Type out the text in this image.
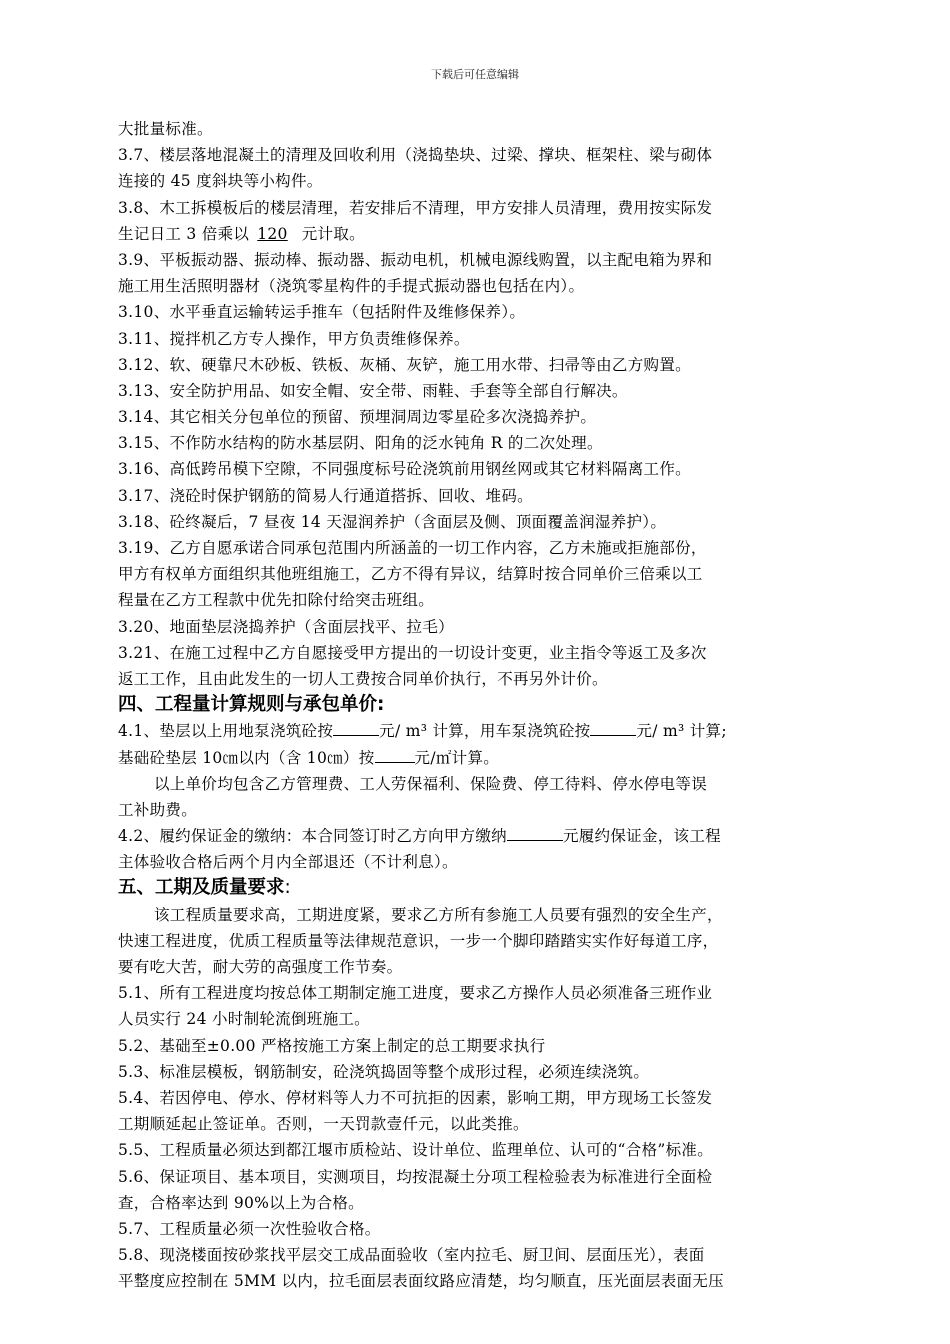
下载后可任意编辑
大批量标准。
3.7、楼层落地混凝土的清理及回收利用（浇捣垫块、过梁、撑块、框架柱、梁与砌体
连接的 45 度斜块等小构件。
3.8、木工拆模板后的楼层清理，若安排后不清理，甲方安排人员清理，费用按实际发
生记日工 3 倍乘以 120 元计取。
3.9、平板振动器、振动棒、振动器、振动电机，机械电源线购置，以主配电箱为界和
施工用生活照明器材（浇筑零星构件的手提式振动器也包括在内）。
3.10、水平垂直运输转运手推车（包括附件及维修保养）。
3.11、搅拌机乙方专人操作，甲方负责维修保养。
3.12、软、硬靠尺木砂板、铁板、灰桶、灰铲，施工用水带、扫帚等由乙方购置。
3.13、安全防护用品、如安全帽、安全带、雨鞋、手套等全部自行解决。
3.14、其它相关分包单位的预留、预埋洞周边零星砼多次浇捣养护。
3.15、不作防水结构的防水基层阴、阳角的泛水钝角 R 的二次处理。
3.16、高低跨吊模下空隙，不同强度标号砼浇筑前用钢丝网或其它材料隔离工作。
3.17、浇砼时保护钢筋的简易人行通道搭拆、回收、堆码。
3.18、砼终凝后，7 昼夜 14 天湿润养护（含面层及侧、顶面覆盖润湿养护）。
3.19、乙方自愿承诺合同承包范围内所涵盖的一切工作内容，乙方未施或拒施部份，
甲方有权单方面组织其他班组施工，乙方不得有异议，结算时按合同单价三倍乘以工
程量在乙方工程款中优先扣除付给突击班组。
3.20、地面垫层浇捣养护（含面层找平、拉毛）
3.21、在施工过程中乙方自愿接受甲方提出的一切设计变更，业主指令等返工及多次
返工工作，且由此发生的一切人工费按合同单价执行，不再另外计价。
四、工程量计算规则与承包单价:
4.1、垫层以上用地泵浇筑砼按	元/ m³ 计算，用车泵浇筑砼按	元/ m³ 计算;
基础砼垫层 10㎝以内（含 10㎝）按	元/㎡计算。
以上单价均包含乙方管理费、工人劳保福利、保险费、停工待料、停水停电等误
工补助费。
4.2、履约保证金的缴纳：本合同签订时乙方向甲方缴纳	元履约保证金，该工程
主体验收合格后两个月内全部退还（不计利息）。
五、工期及质量要求:
该工程质量要求高，工期进度紧，要求乙方所有参施工人员要有强烈的安全生产，
快速工程进度，优质工程质量等法律规范意识，一步一个脚印踏踏实实作好每道工序，
要有吃大苦，耐大劳的高强度工作节奏。
5.1、所有工程进度均按总体工期制定施工进度，要求乙方操作人员必须准备三班作业
人员实行 24 小时制轮流倒班施工。
5.2、基础至±0.00 严格按施工方案上制定的总工期要求执行
5.3、标准层模板，钢筋制安，砼浇筑捣固等整个成形过程，必须连续浇筑。
5.4、若因停电、停水、停材料等人力不可抗拒的因素，影响工期，甲方现场工长签发
工期顺延起止签证单。否则，一天罚款壹仟元，以此类推。
5.5、工程质量必须达到都江堰市质检站、设计单位、监理单位、认可的“合格”标准。
5.6、保证项目、基本项目，实测项目，均按混凝土分项工程检验表为标准进行全面检
查，合格率达到 90%以上为合格。
5.7、工程质量必须一次性验收合格。
5.8、现浇楼面按砂浆找平层交工成品面验收（室内拉毛、厨卫间、层面压光），表面
平整度应控制在 5MM 以内，拉毛面层表面纹路应清楚，均匀顺直，压光面层表面无压
